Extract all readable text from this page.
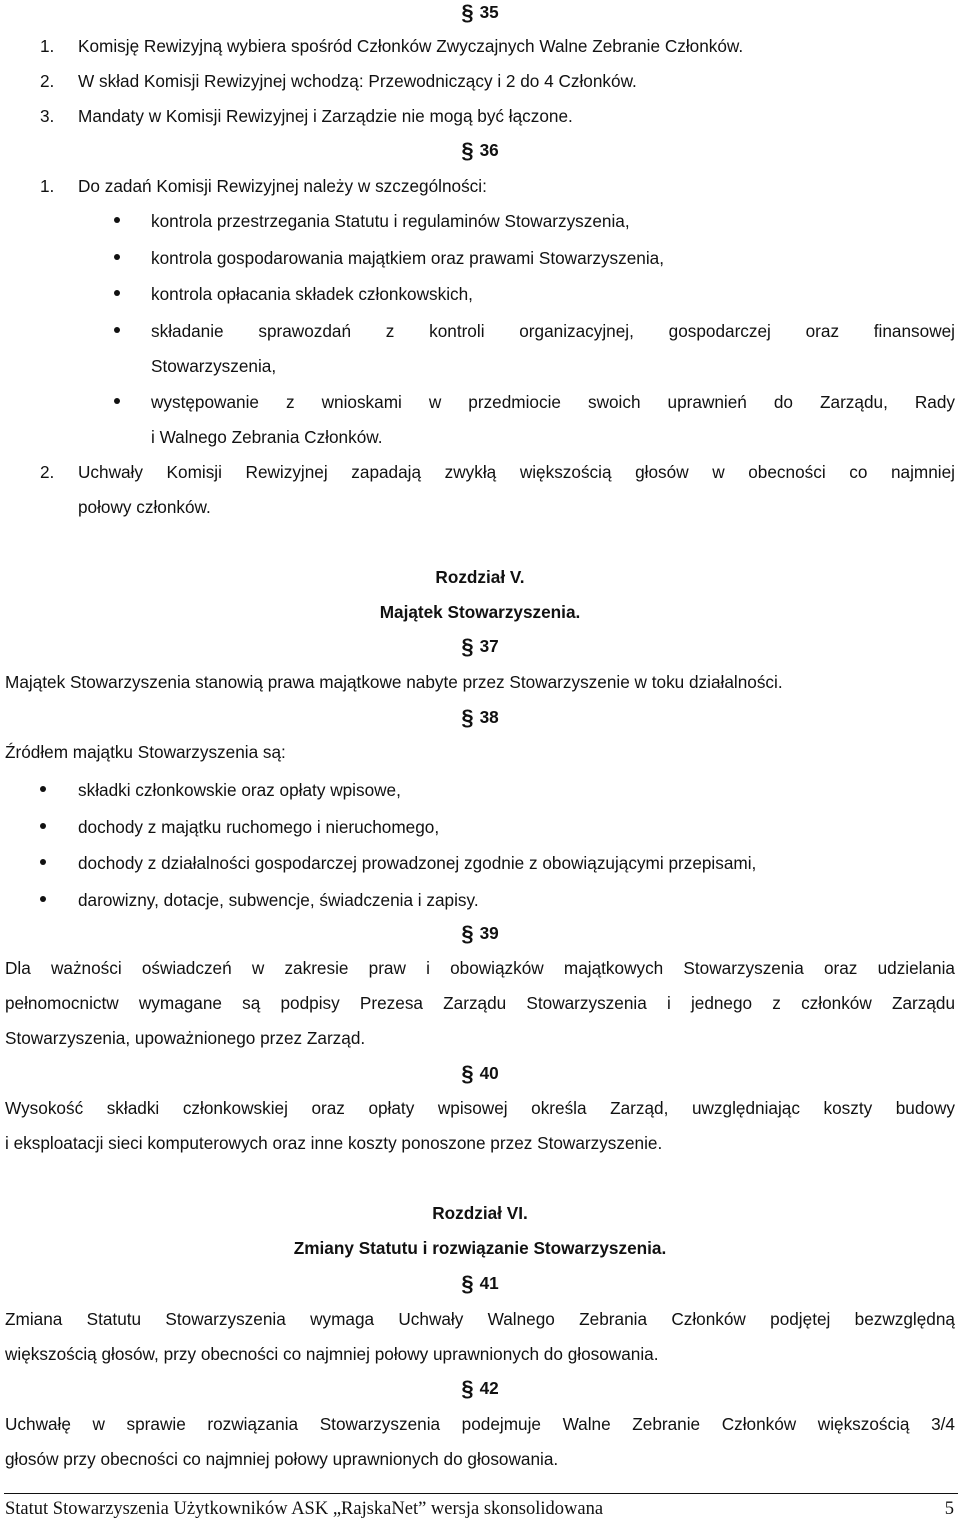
§ 35
1. Komisję Rewizyjną wybiera spośród Członków Zwyczajnych Walne Zebranie Członków.
2. W skład Komisji Rewizyjnej wchodzą: Przewodniczący i 2 do 4 Członków.
3. Mandaty w Komisji Rewizyjnej i Zarządzie nie mogą być łączone.
§ 36
1. Do zadań Komisji Rewizyjnej należy w szczególności:
kontrola przestrzegania Statutu i regulaminów Stowarzyszenia,
kontrola gospodarowania majątkiem oraz prawami Stowarzyszenia,
kontrola opłacania składek członkowskich,
składanie sprawozdań z kontroli organizacyjnej, gospodarczej oraz finansowej
Stowarzyszenia,
występowanie z wnioskami w przedmiocie swoich uprawnień do Zarządu, Rady
i Walnego Zebrania Członków.
2. Uchwały Komisji Rewizyjnej zapadają zwykłą większością głosów w obecności co najmniej
połowy członków.
Rozdział V.
Majątek Stowarzyszenia.
§ 37
Majątek Stowarzyszenia stanowią prawa majątkowe nabyte przez Stowarzyszenie w toku działalności.
§ 38
Źródłem majątku Stowarzyszenia są:
składki członkowskie oraz opłaty wpisowe,
dochody z majątku ruchomego i nieruchomego,
dochody z działalności gospodarczej prowadzonej zgodnie z obowiązującymi przepisami,
darowizny, dotacje, subwencje, świadczenia i zapisy.
§ 39
Dla ważności oświadczeń w zakresie praw i obowiązków majątkowych Stowarzyszenia oraz udzielania
pełnomocnictw wymagane są podpisy Prezesa Zarządu Stowarzyszenia i jednego z członków Zarządu
Stowarzyszenia, upoważnionego przez Zarząd.
§ 40
Wysokość składki członkowskiej oraz opłaty wpisowej określa Zarząd, uwzględniając koszty budowy
i eksploatacji sieci komputerowych oraz inne koszty ponoszone przez Stowarzyszenie.
Rozdział VI.
Zmiany Statutu i rozwiązanie Stowarzyszenia.
§ 41
Zmiana Statutu Stowarzyszenia wymaga Uchwały Walnego Zebrania Członków podjętej bezwzględną
większością głosów, przy obecności co najmniej połowy uprawnionych do głosowania.
§ 42
Uchwałę w sprawie rozwiązania Stowarzyszenia podejmuje Walne Zebranie Członków większością 3/4
głosów przy obecności co najmniej połowy uprawnionych do głosowania.
Statut Stowarzyszenia Użytkowników ASK „RajskaNet” wersja skonsolidowana	5
